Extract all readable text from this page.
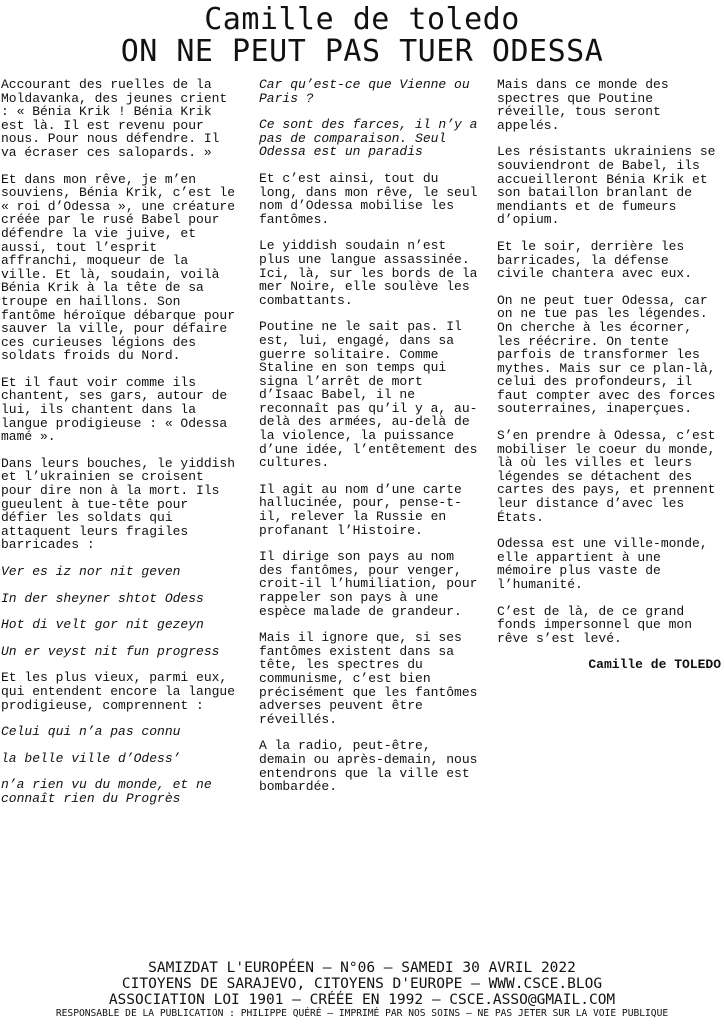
Camille de toledo
ON NE PEUT PAS TUER ODESSA

Accourant des ruelles de la Moldavanka, des jeunes crient : « Bénia Krik ! Bénia Krik est là. Il est revenu pour nous. Pour nous défendre. Il va écraser ces salopards. »

Et dans mon rêve, je m’en souviens, Bénia Krik, c’est le « roi d’Odessa », une créature créée par le rusé Babel pour défendre la vie juive, et aussi, tout l’esprit affranchi, moqueur de la ville. Et là, soudain, voilà Bénia Krik à la tête de sa troupe en haillons. Son fantôme héroïque débarque pour sauver la ville, pour défaire ces curieuses légions des soldats froids du Nord.

Et il faut voir comme ils chantent, ses gars, autour de lui, ils chantent dans la langue prodigieuse : « Odessa mamé ».

Dans leurs bouches, le yiddish et l’ukrainien se croisent pour dire non à la mort. Ils gueulent à tue-tête pour défier les soldats qui attaquent leurs fragiles barricades :

Ver es iz nor nit geven

In der sheyner shtot Odess

Hot di velt gor nit gezeyn

Un er veyst nit fun progress

Et les plus vieux, parmi eux, qui entendent encore la langue prodigieuse, comprennent :

Celui qui n’a pas connu

la belle ville d’Odess’

n’a rien vu du monde, et ne connaît rien du Progrès

Car qu’est-ce que Vienne ou Paris ?

Ce sont des farces, il n’y a pas de comparaison. Seul Odessa est un paradis

Et c’est ainsi, tout du long, dans mon rêve, le seul nom d’Odessa mobilise les fantômes.

Le yiddish soudain n’est plus une langue assassinée. Ici, là, sur les bords de la mer Noire, elle soulève les combattants.

Poutine ne le sait pas. Il est, lui, engagé, dans sa guerre solitaire. Comme Staline en son temps qui signa l’arrêt de mort d’Isaac Babel, il ne reconnaît pas qu’il y a, au-delà des armées, au-delà de la violence, la puissance d’une idée, l’entêtement des cultures.

Il agit au nom d’une carte hallucinée, pour, pense-t-il, relever la Russie en profanant l’Histoire.

Il dirige son pays au nom des fantômes, pour venger, croit-il l’humiliation, pour rappeler son pays à une espèce malade de grandeur.

Mais il ignore que, si ses fantômes existent dans sa tête, les spectres du communisme, c’est bien précisément que les fantômes adverses peuvent être réveillés.

A la radio, peut-être, demain ou après-demain, nous entendrons que la ville est bombardée.

Mais dans ce monde des spectres que Poutine réveille, tous seront appelés.

Les résistants ukrainiens se souviendront de Babel, ils accueilleront Bénia Krik et son bataillon branlant de mendiants et de fumeurs d’opium.

Et le soir, derrière les barricades, la défense civile chantera avec eux.

On ne peut tuer Odessa, car on ne tue pas les légendes. On cherche à les écorner, les réécrire. On tente parfois de transformer les mythes. Mais sur ce plan-là, celui des profondeurs, il faut compter avec des forces souterraines, inaperçues.

S’en prendre à Odessa, c’est mobiliser le coeur du monde, là où les villes et leurs légendes se détachent des cartes des pays, et prennent leur distance d’avec les États.

Odessa est une ville-monde, elle appartient à une mémoire plus vaste de l’humanité.

C’est de là, de ce grand fonds impersonnel que mon rêve s’est levé.

Camille de TOLEDO

SAMIZDAT L'EUROPÉEN – N°06 – SAMEDI 30 AVRIL 2022
CITOYENS DE SARAJEVO, CITOYENS D'EUROPE – WWW.CSCE.BLOG
ASSOCIATION LOI 1901 – CRÉÉE EN 1992 – CSCE.ASSO@GMAIL.COM
RESPONSABLE DE LA PUBLICATION : PHILIPPE QUÉRÉ – IMPRIMÉ PAR NOS SOINS – NE PAS JETER SUR LA VOIE PUBLIQUE
